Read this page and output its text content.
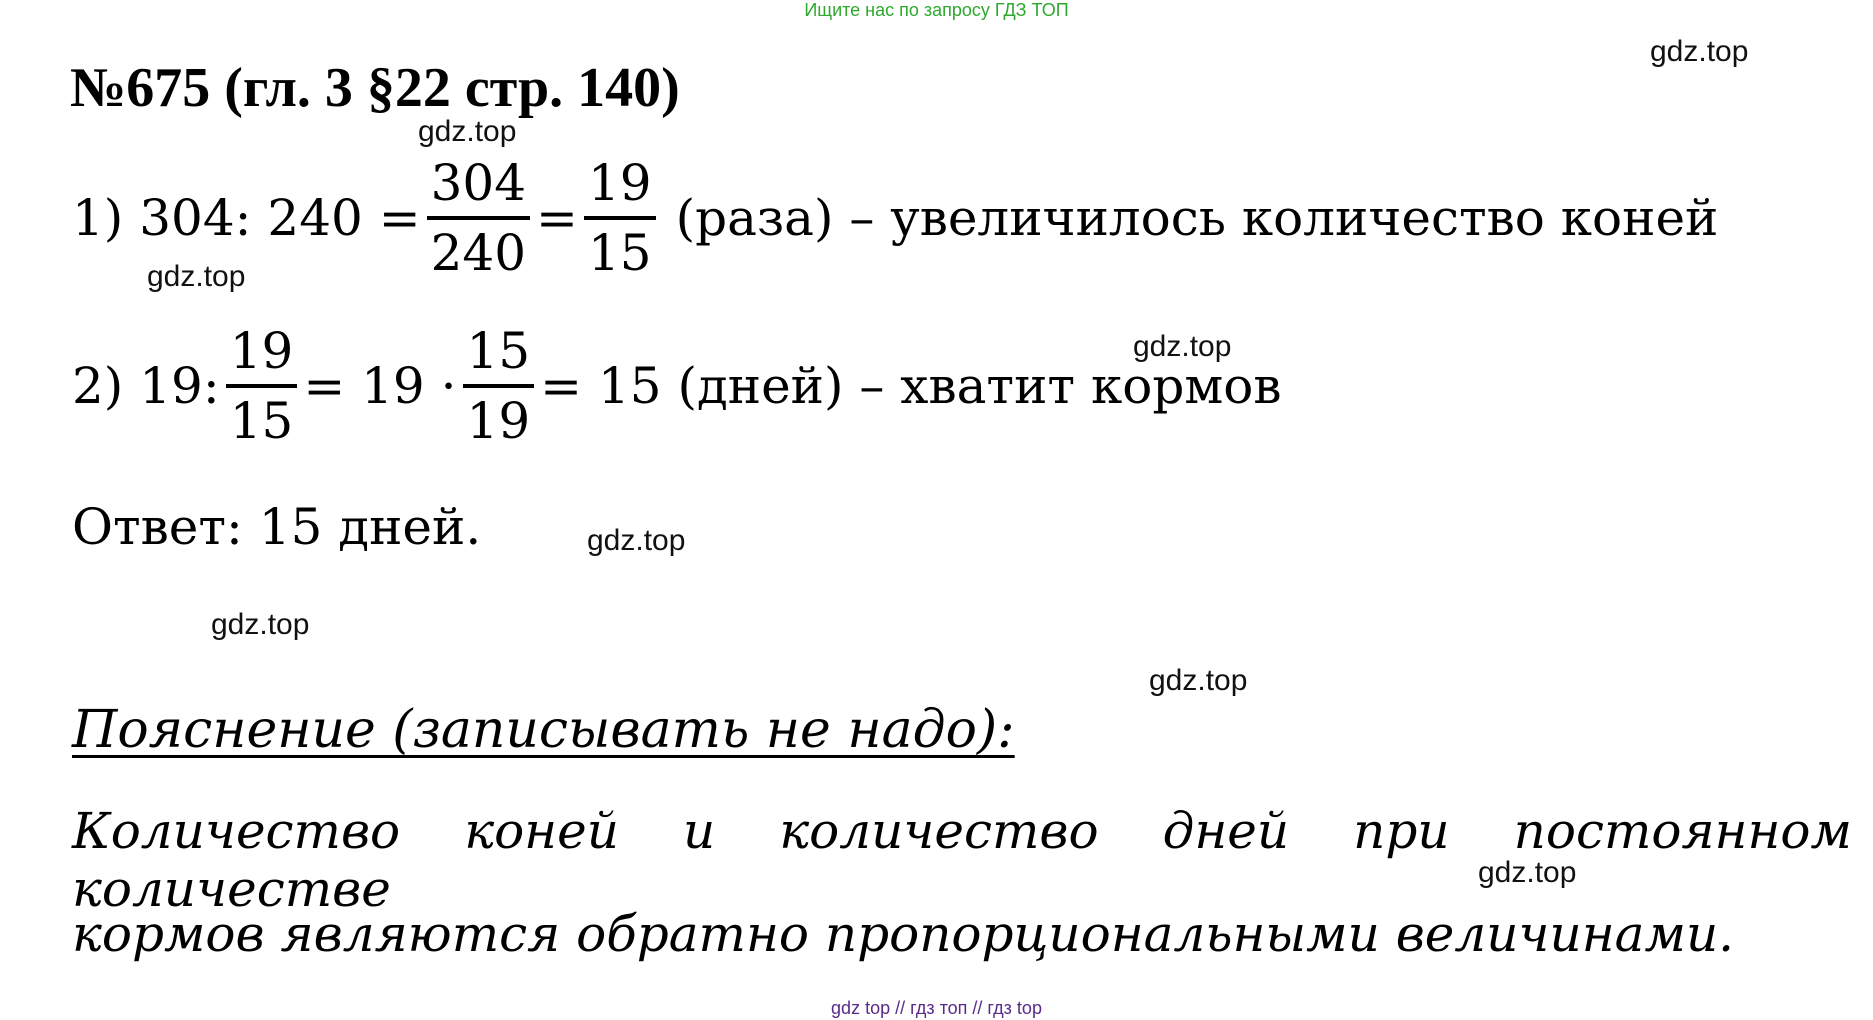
Ищите нас по запросу ГДЗ ТОП
№675 (гл. 3 §22 стр. 140)
1) 304: $240 = \frac{304}{240} = \frac{19}{15}$ (раза) – увеличилось количество коней
2) 19: $\frac{19}{15} = 19 \cdot \frac{15}{19} = 15$ (дней) – хватит кормов
Ответ: 15 дней.
Пояснение (записывать не надо):
Количество коней и количество дней при постоянном количестве
кормов являются обратно пропорциональными величинами.
gdz.top
gdz.top
gdz.top
gdz.top
gdz.top
gdz.top
gdz.top
gdz.top
gdz top // гдз топ // гдз top
